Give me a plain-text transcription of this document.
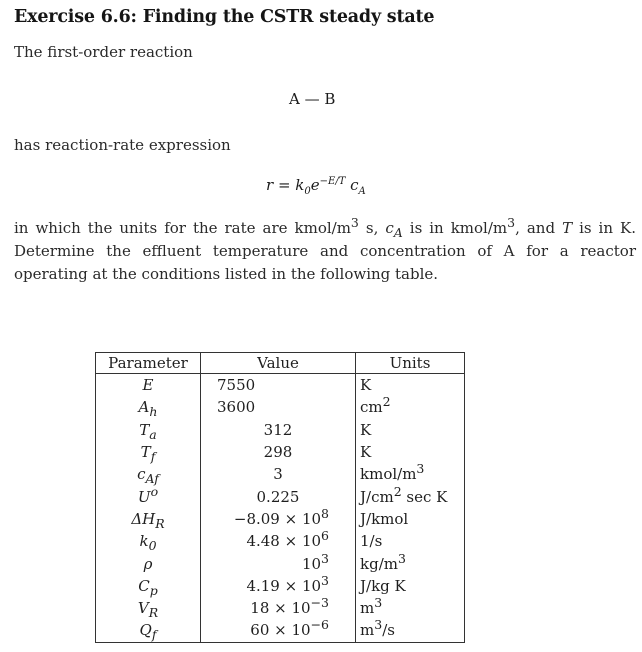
Exercise 6.6: Finding the CSTR steady state
The first-order reaction
A — B
has reaction-rate expression
$r = k_0e^{-E/T}$ $c_A$
in which the units for the rate are kmol/$m^3$ s, $c_A$ is in kmol/$m^3$, and T is in K. Determine the effluent temperature and concentration of A for a reactor operating at the conditions listed in the following table.
Parameter	Value	Units
E	7550	K
$A_h$	3600	$cm^2$
$T_a$	312	K
$T_f$	298	K
$c_{Af}$	3	kmol/$m^3$
$U^o$	0.225	$J/cm^2$ sec K
$\Delta H_R$	$-8.09 \times 10^8$	J/kmol
$k_0$	$4.48 \times 10^6$	1/s
ρ	$10^3$	$kg/m^3$
$C_p$	$4.19 \times 10^3$	J/kg K
$V_R$	$18 \times 10^{-3}$	$m^3$
$Q_f$	$60 \times 10^{-6}$	$m^3/s$
